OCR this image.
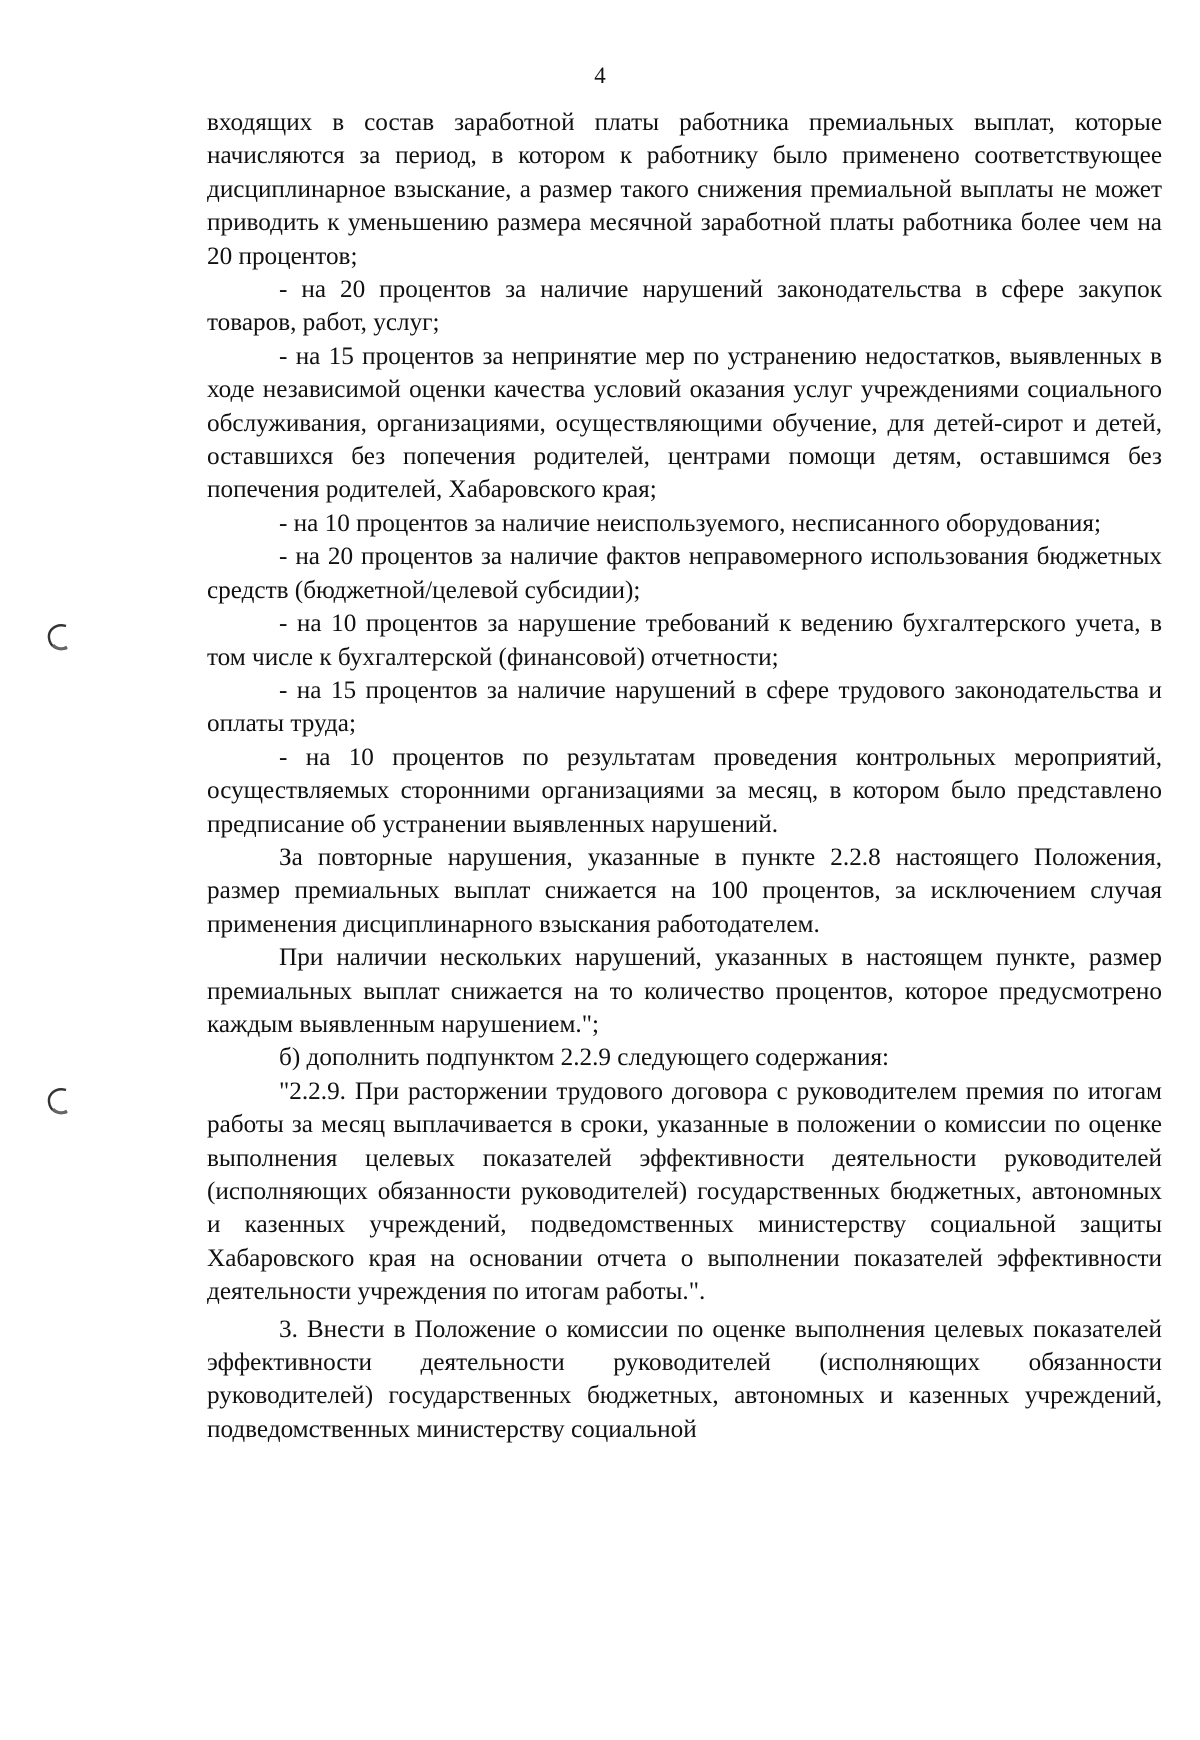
4

входящих в состав заработной платы работника премиальных выплат, которые начисляются за период, в котором к работнику было применено соответствующее дисциплинарное взыскание, а размер такого снижения премиальной выплаты не может приводить к уменьшению размера месячной заработной платы работника более чем на 20 процентов;

- на 20 процентов за наличие нарушений законодательства в сфере закупок товаров, работ, услуг;

- на 15 процентов за непринятие мер по устранению недостатков, выявленных в ходе независимой оценки качества условий оказания услуг учреждениями социального обслуживания, организациями, осуществляющими обучение, для детей-сирот и детей, оставшихся без попечения родителей, центрами помощи детям, оставшимся без попечения родителей, Хабаровского края;

- на 10 процентов за наличие неиспользуемого, несписанного оборудования;

- на 20 процентов за наличие фактов неправомерного использования бюджетных средств (бюджетной/целевой субсидии);

- на 10 процентов за нарушение требований к ведению бухгалтерского учета, в том числе к бухгалтерской (финансовой) отчетности;

- на 15 процентов за наличие нарушений в сфере трудового законодательства и оплаты труда;

- на 10 процентов по результатам проведения контрольных мероприятий, осуществляемых сторонними организациями за месяц, в котором было представлено предписание об устранении выявленных нарушений.

За повторные нарушения, указанные в пункте 2.2.8 настоящего Положения, размер премиальных выплат снижается на 100 процентов, за исключением случая применения дисциплинарного взыскания работодателем.

При наличии нескольких нарушений, указанных в настоящем пункте, размер премиальных выплат снижается на то количество процентов, которое предусмотрено каждым выявленным нарушением.";

б) дополнить подпунктом 2.2.9 следующего содержания:

"2.2.9. При расторжении трудового договора с руководителем премия по итогам работы за месяц выплачивается в сроки, указанные в положении о комиссии по оценке выполнения целевых показателей эффективности деятельности руководителей (исполняющих обязанности руководителей) государственных бюджетных, автономных и казенных учреждений, подведомственных министерству социальной защиты Хабаровского края на основании отчета о выполнении показателей эффективности деятельности учреждения по итогам работы.".

3. Внести в Положение о комиссии по оценке выполнения целевых показателей эффективности деятельности руководителей (исполняющих обязанности руководителей) государственных бюджетных, автономных и казенных учреждений, подведомственных министерству социальной
